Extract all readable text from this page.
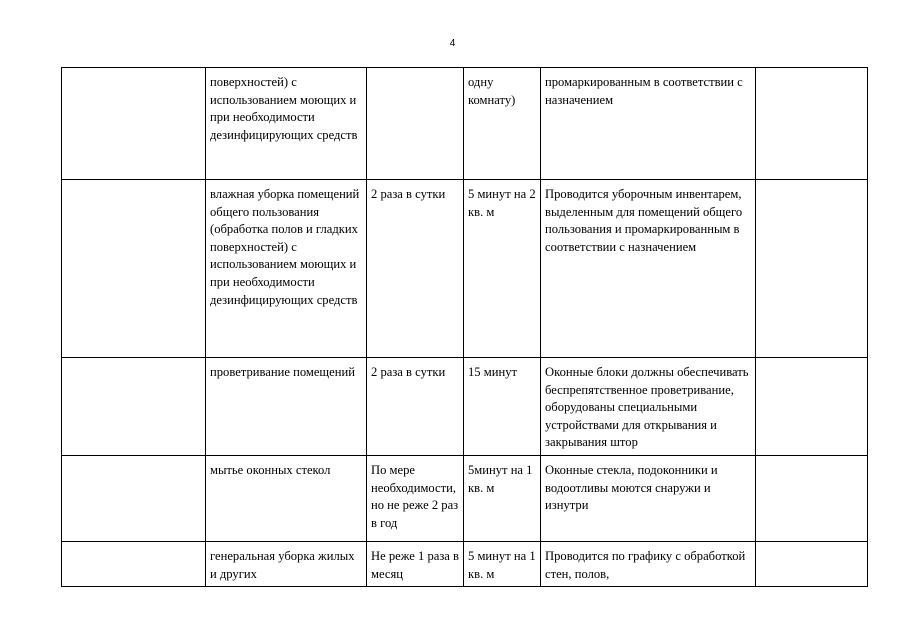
4
	поверхностей) с использованием моющих и при необходимости дезинфицирующих средств		одну комнату)	промаркированным в соответствии с назначением	
	влажная уборка помещений общего пользования (обработка полов и гладких поверхностей) с использованием моющих и при необходимости дезинфицирующих средств	2 раза в сутки	5 минут на 2 кв. м	Проводится уборочным инвентарем, выделенным для помещений общего пользования и промаркированным в соответствии с назначением	
	проветривание помещений	2 раза в сутки	15 минут	Оконные блоки должны обеспечивать беспрепятственное проветривание, оборудованы специальными устройствами для открывания и закрывания штор	
	мытье оконных стекол	По мере необходимости, но не реже 2 раз в год	5минут на 1 кв. м	Оконные стекла, подоконники и водоотливы моются снаружи и изнутри	
	генеральная уборка жилых и других	Не реже 1 раза в месяц	5 минут на 1 кв. м	Проводится по графику с обработкой стен, полов,	
